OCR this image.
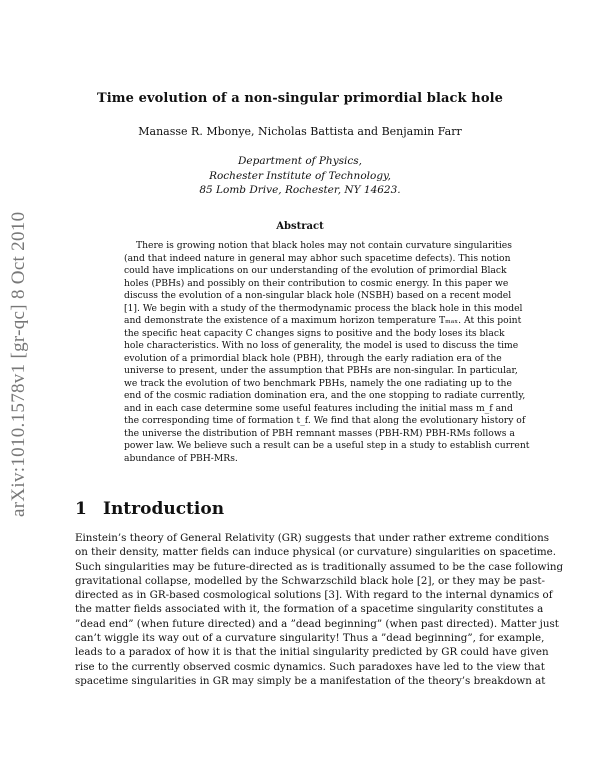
arXiv:1010.1578v1 [gr-qc] 8 Oct 2010
Time evolution of a non-singular primordial black hole
Manasse R. Mbonye, Nicholas Battista and Benjamin Farr
Department of Physics,
Rochester Institute of Technology,
85 Lomb Drive, Rochester, NY 14623.
Abstract
There is growing notion that black holes may not contain curvature singularities
(and that indeed nature in general may abhor such spacetime defects). This notion
could have implications on our understanding of the evolution of primordial Black
holes (PBHs) and possibly on their contribution to cosmic energy. In this paper we
discuss the evolution of a non-singular black hole (NSBH) based on a recent model
[1]. We begin with a study of the thermodynamic process the black hole in this model
and demonstrate the existence of a maximum horizon temperature Tₘₐₓ. At this point
the specific heat capacity C changes signs to positive and the body loses its black
hole characteristics. With no loss of generality, the model is used to discuss the time
evolution of a primordial black hole (PBH), through the early radiation era of the
universe to present, under the assumption that PBHs are non-singular. In particular,
we track the evolution of two benchmark PBHs, namely the one radiating up to the
end of the cosmic radiation domination era, and the one stopping to radiate currently,
and in each case determine some useful features including the initial mass m_f and
the corresponding time of formation t_f. We find that along the evolutionary history of
the universe the distribution of PBH remnant masses (PBH-RM) PBH-RMs follows a
power law. We believe such a result can be a useful step in a study to establish current
abundance of PBH-MRs.
1 Introduction
Einstein’s theory of General Relativity (GR) suggests that under rather extreme conditions
on their density, matter fields can induce physical (or curvature) singularities on spacetime.
Such singularities may be future-directed as is traditionally assumed to be the case following
gravitational collapse, modelled by the Schwarzschild black hole [2], or they may be past-
directed as in GR-based cosmological solutions [3]. With regard to the internal dynamics of
the matter fields associated with it, the formation of a spacetime singularity constitutes a
”dead end” (when future directed) and a ”dead beginning” (when past directed). Matter just
can’t wiggle its way out of a curvature singularity! Thus a ”dead beginning”, for example,
leads to a paradox of how it is that the initial singularity predicted by GR could have given
rise to the currently observed cosmic dynamics. Such paradoxes have led to the view that
spacetime singularities in GR may simply be a manifestation of the theory’s breakdown at
